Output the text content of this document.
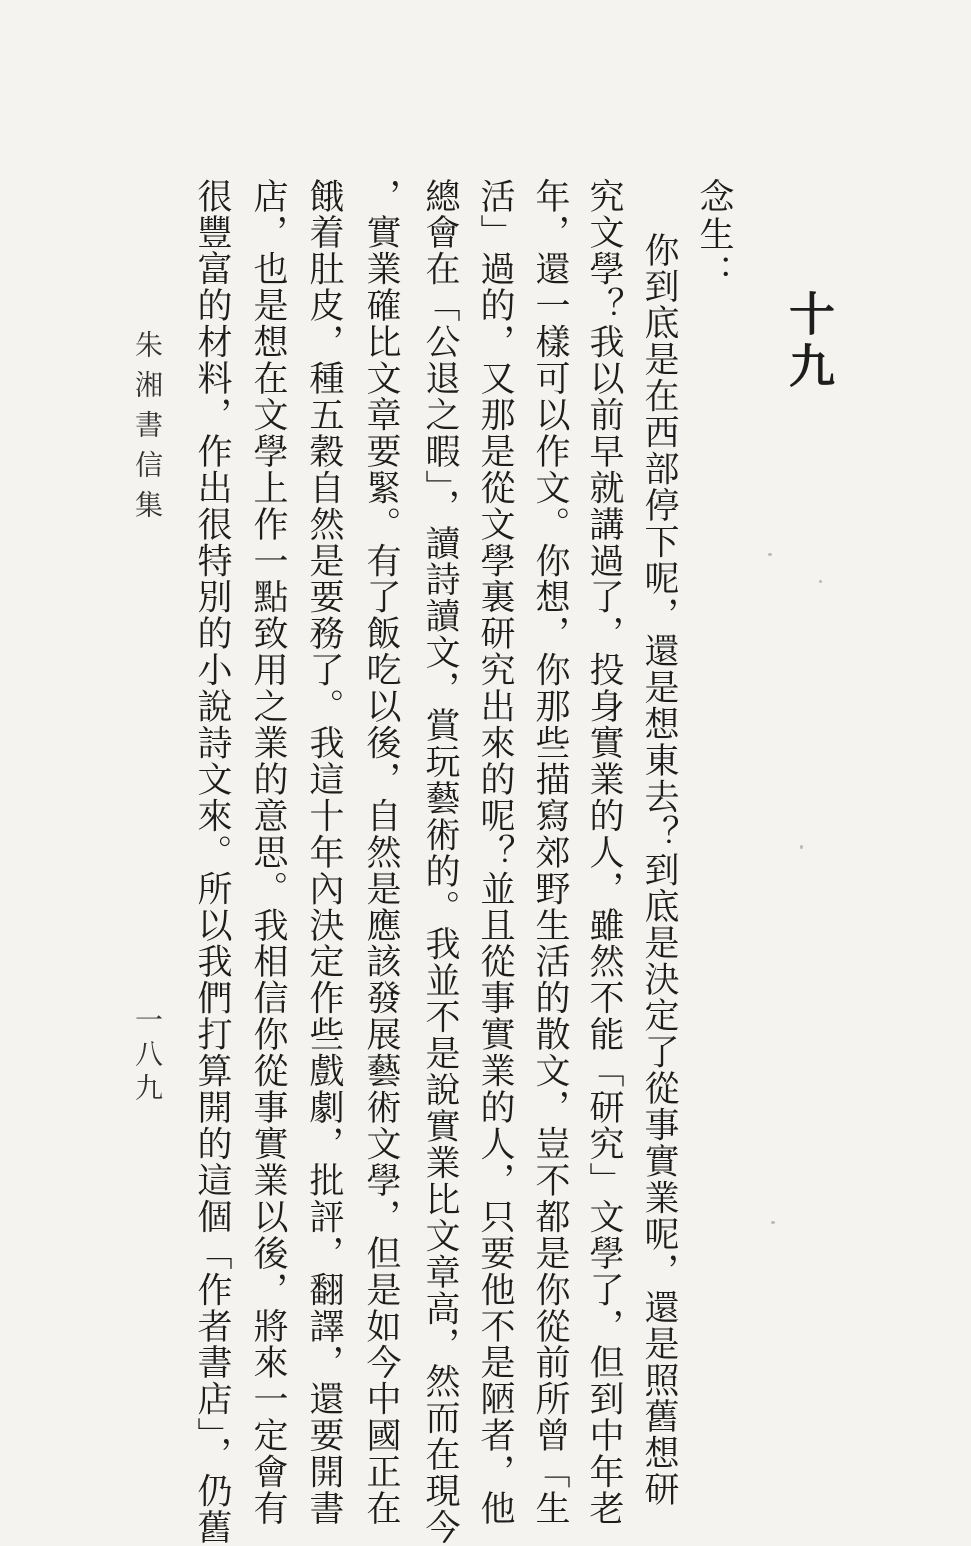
十九
念生：
你到底是在西部停下呢，還是想東去？到底是決定了從事實業呢，還是照舊想研
究文學？我以前早就講過了，投身實業的人，雖然不能「研究」文學了，但到中年老
年，還一樣可以作文。你想，你那些描寫郊野生活的散文，豈不都是你從前所曾「生
活」過的，又那是從文學裏研究出來的呢？並且從事實業的人，只要他不是陋者，他
總會在「公退之暇」，讀詩讀文，賞玩藝術的。我並不是說實業比文章高，然而在現今
，實業確比文章要緊。有了飯吃以後，自然是應該發展藝術文學，但是如今中國正在
餓着肚皮，種五穀自然是要務了。我這十年內決定作些戲劇，批評，翻譯，還要開書
店，也是想在文學上作一點致用之業的意思。我相信你從事實業以後，將來一定會有
很豐富的材料，作出很特別的小說詩文來。所以我們打算開的這個「作者書店」，仍舊
朱湘書信集
一八九
